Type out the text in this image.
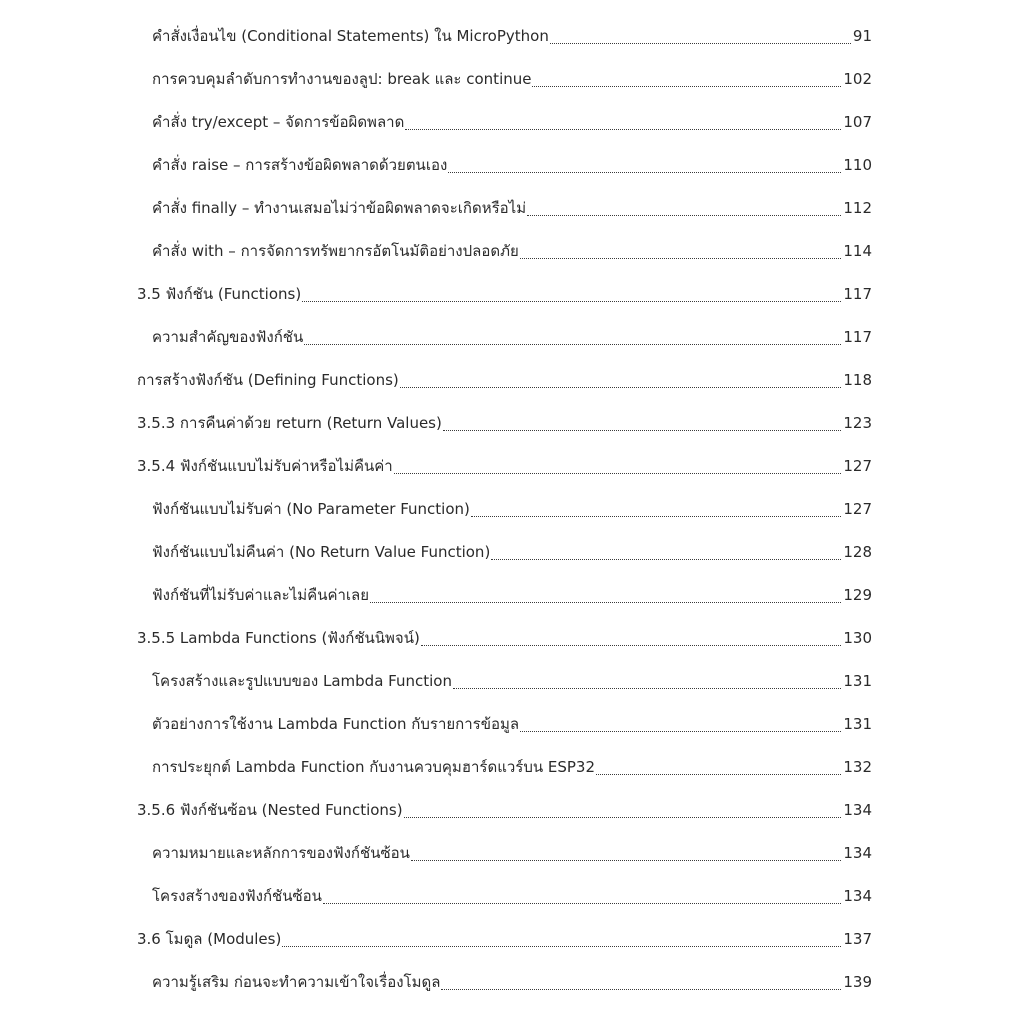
คำสั่งเงื่อนไข (Conditional Statements) ใน MicroPython	91
การควบคุมลำดับการทำงานของลูป: break และ continue	102
คำสั่ง try/except – จัดการข้อผิดพลาด	107
คำสั่ง raise – การสร้างข้อผิดพลาดด้วยตนเอง	110
คำสั่ง finally – ทำงานเสมอไม่ว่าข้อผิดพลาดจะเกิดหรือไม่	112
คำสั่ง with – การจัดการทรัพยากรอัตโนมัติอย่างปลอดภัย	114
3.5 ฟังก์ชัน (Functions)	117
ความสำคัญของฟังก์ชัน	117
การสร้างฟังก์ชัน (Defining Functions)	118
3.5.3 การคืนค่าด้วย return (Return Values)	123
3.5.4 ฟังก์ชันแบบไม่รับค่าหรือไม่คืนค่า	127
ฟังก์ชันแบบไม่รับค่า (No Parameter Function)	127
ฟังก์ชันแบบไม่คืนค่า (No Return Value Function)	128
ฟังก์ชันที่ไม่รับค่าและไม่คืนค่าเลย	129
3.5.5 Lambda Functions (ฟังก์ชันนิพจน์)	130
โครงสร้างและรูปแบบของ Lambda Function	131
ตัวอย่างการใช้งาน Lambda Function กับรายการข้อมูล	131
การประยุกต์ Lambda Function กับงานควบคุมฮาร์ดแวร์บน ESP32	132
3.5.6 ฟังก์ชันซ้อน (Nested Functions)	134
ความหมายและหลักการของฟังก์ชันซ้อน	134
โครงสร้างของฟังก์ชันซ้อน	134
3.6 โมดูล (Modules)	137
ความรู้เสริม ก่อนจะทำความเข้าใจเรื่องโมดูล	139
